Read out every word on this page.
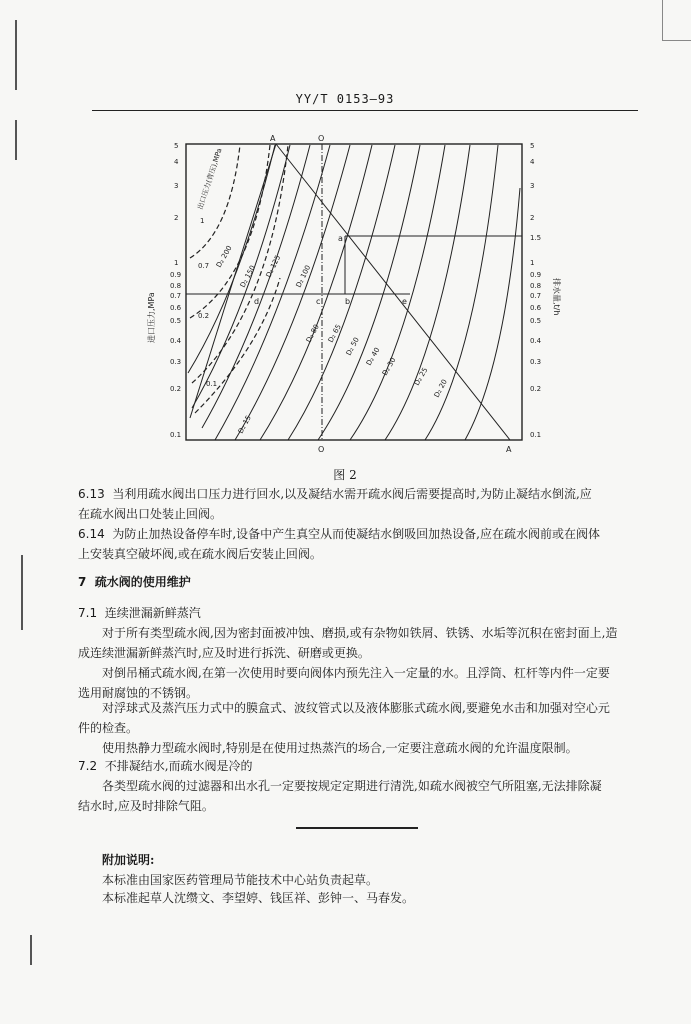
YY/T 0153—93
5
4
3
2
1
0.9
0.8
0.7
0.6
0.5
0.4
0.3
0.2
0.1
5
4
3
2
1.5
1
0.9
0.8
0.7
0.6
0.5
0.4
0.3
0.2
0.1
进口压力,MPa	排水量,t/h
A	O
a
b
c
d	e
O	A
出口压力(背压),MPa
1
0.7
0.2
0.1
D₂ 200
D₂ 150 D₂ 125 D₂ 100
D₂ 80 D₂ 65
D₂ 50 D₂ 40 D₂ 30 D₂ 25
D₂ 20
D₂ 15
图 2
6.13 当利用疏水阀出口压力进行回水,以及凝结水需开疏水阀后需要提高时,为防止凝结水倒流,应
在疏水阀出口处装止回阀。
6.14 为防止加热设备停车时,设备中产生真空从而使凝结水倒吸回加热设备,应在疏水阀前或在阀体
上安装真空破坏阀,或在疏水阀后安装止回阀。
7 疏水阀的使用维护
7.1 连续泄漏新鲜蒸汽
对于所有类型疏水阀,因为密封面被冲蚀、磨损,或有杂物如铁屑、铁锈、水垢等沉积在密封面上,造
成连续泄漏新鲜蒸汽时,应及时进行拆洗、研磨或更换。
对倒吊桶式疏水阀,在第一次使用时要向阀体内预先注入一定量的水。且浮筒、杠杆等内件一定要
选用耐腐蚀的不锈钢。
对浮球式及蒸汽压力式中的膜盒式、波纹管式以及液体膨胀式疏水阀,要避免水击和加强对空心元
件的检查。
使用热静力型疏水阀时,特别是在使用过热蒸汽的场合,一定要注意疏水阀的允许温度限制。
7.2 不排凝结水,而疏水阀是冷的
各类型疏水阀的过滤器和出水孔一定要按规定定期进行清洗,如疏水阀被空气所阻塞,无法排除凝
结水时,应及时排除气阻。
附加说明:
本标准由国家医药管理局节能技术中心站负责起草。
本标准起草人沈缵文、李望婷、钱匡祥、彭钟一、马春发。
